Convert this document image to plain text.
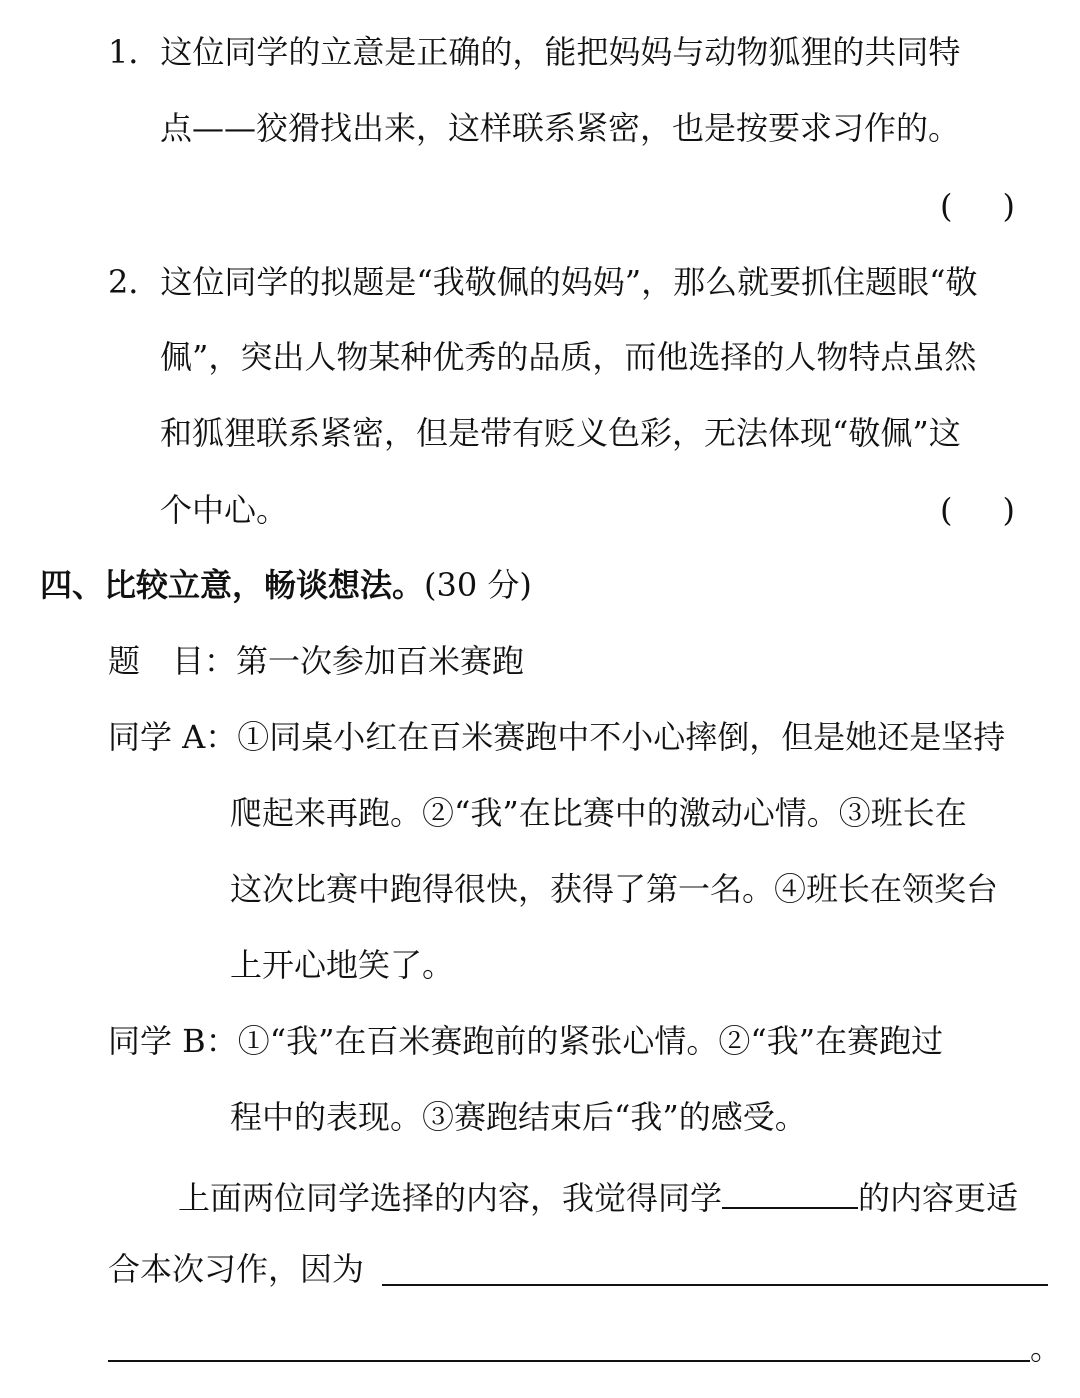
1．这位同学的立意是正确的，能把妈妈与动物狐狸的共同特
点——狡猾找出来，这样联系紧密，也是按要求习作的。
( )
2．这位同学的拟题是“我敬佩的妈妈”，那么就要抓住题眼“敬
佩”，突出人物某种优秀的品质，而他选择的人物特点虽然
和狐狸联系紧密，但是带有贬义色彩，无法体现“敬佩”这
个中心。	( )
四、比较立意，畅谈想法。(30 分)
题　目：第一次参加百米赛跑
同学 A：①同桌小红在百米赛跑中不小心摔倒，但是她还是坚持
爬起来再跑。②“我”在比赛中的激动心情。③班长在
这次比赛中跑得很快，获得了第一名。④班长在领奖台
上开心地笑了。
同学 B：①“我”在百米赛跑前的紧张心情。②“我”在赛跑过
程中的表现。③赛跑结束后“我”的感受。
上面两位同学选择的内容，我觉得同学	的内容更适
合本次习作，因为
。
